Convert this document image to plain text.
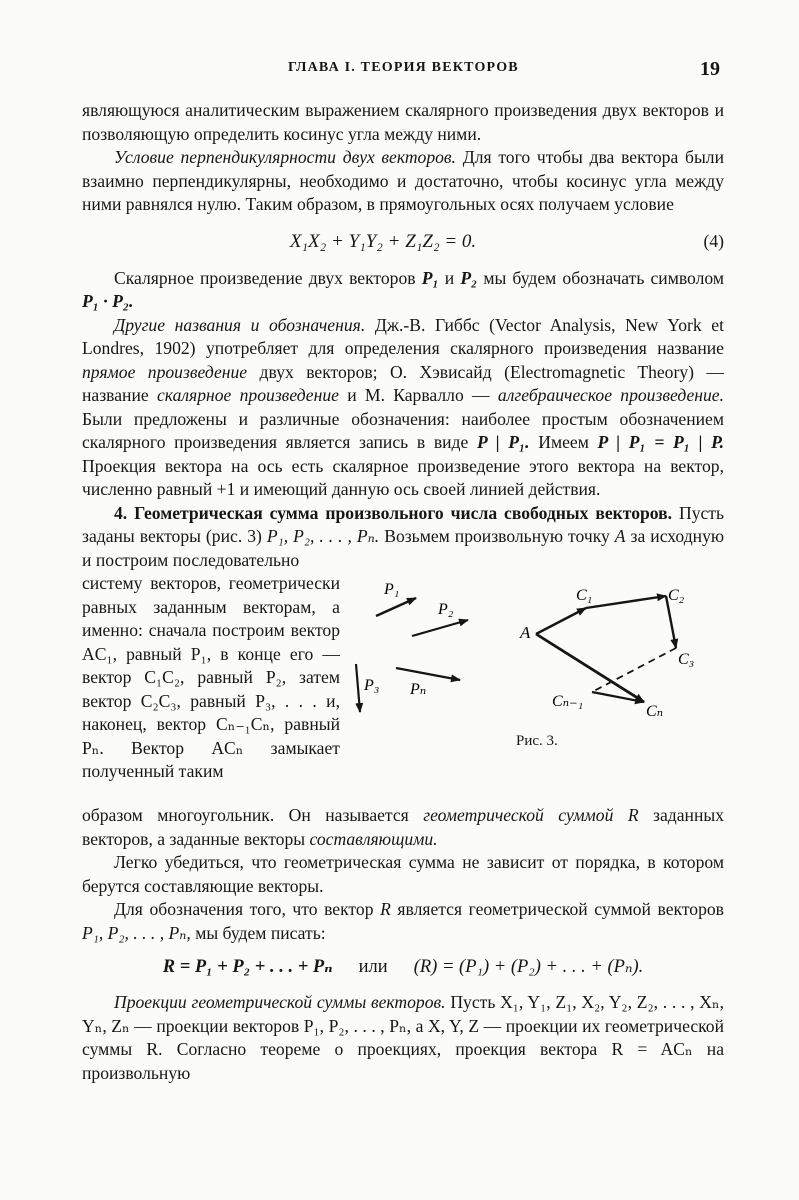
ГЛАВА I. ТЕОРИЯ ВЕКТОРОВ	19

являющуюся аналитическим выражением скалярного произведения двух векторов и позволяющую определить косинус угла между ними.

Условие перпендикулярности двух векторов. Для того чтобы два вектора были взаимно перпендикулярны, необходимо и достаточно, чтобы косинус угла между ними равнялся нулю. Таким образом, в прямоугольных осях получаем условие

X₁X₂ + Y₁Y₂ + Z₁Z₂ = 0.	(4)

Скалярное произведение двух векторов P₁ и P₂ мы будем обозначать символом P₁ · P₂.

Другие названия и обозначения. Дж.-В. Гиббс (Vector Analysis, New York et Londres, 1902) употребляет для определения скалярного произведения название прямое произведение двух векторов; О. Хэвисайд (Electromagnetic Theory) — название скалярное произведение и М. Карвалло — алгебраическое произведение. Были предложены и различные обозначения: наиболее простым обозначением скалярного произведения является запись в виде P | P₁. Имеем P | P₁ = P₁ | P. Проекция вектора на ось есть скалярное произведение этого вектора на вектор, численно равный +1 и имеющий данную ось своей линией действия.

4. Геометрическая сумма произвольного числа свободных векторов. Пусть заданы векторы (рис. 3) P₁, P₂, . . . , Pₙ. Возьмем произвольную точку A за исходную и построим последовательно

систему векторов, геометрически равных заданным векторам, а именно: сначала построим вектор AC₁, равный P₁, в конце его — вектор C₁C₂, равный P₂, затем вектор C₂C₃, равный P₃, . . . и, наконец, вектор Cₙ₋₁Cₙ, равный Pₙ. Вектор ACₙ замыкает полученный таким

P₁
P₂
P₃ Pₙ
A
C₁	C₂
C₃
Cₙ₋₁
Cₙ
Рис. 3.

образом многоугольник. Он называется геометрической суммой R заданных векторов, а заданные векторы составляющими.

Легко убедиться, что геометрическая сумма не зависит от порядка, в котором берутся составляющие векторы.

Для обозначения того, что вектор R является геометрической суммой векторов P₁, P₂, . . . , Pₙ, мы будем писать:

R = P₁ + P₂ + . . . + Pₙ или (R) = (P₁) + (P₂) + . . . + (Pₙ).

Проекции геометрической суммы векторов. Пусть X₁, Y₁, Z₁, X₂, Y₂, Z₂, . . . , Xₙ, Yₙ, Zₙ — проекции векторов P₁, P₂, . . . , Pₙ, а X, Y, Z — проекции их геометрической суммы R. Согласно теореме о проекциях, проекция вектора R = ACₙ на произвольную
